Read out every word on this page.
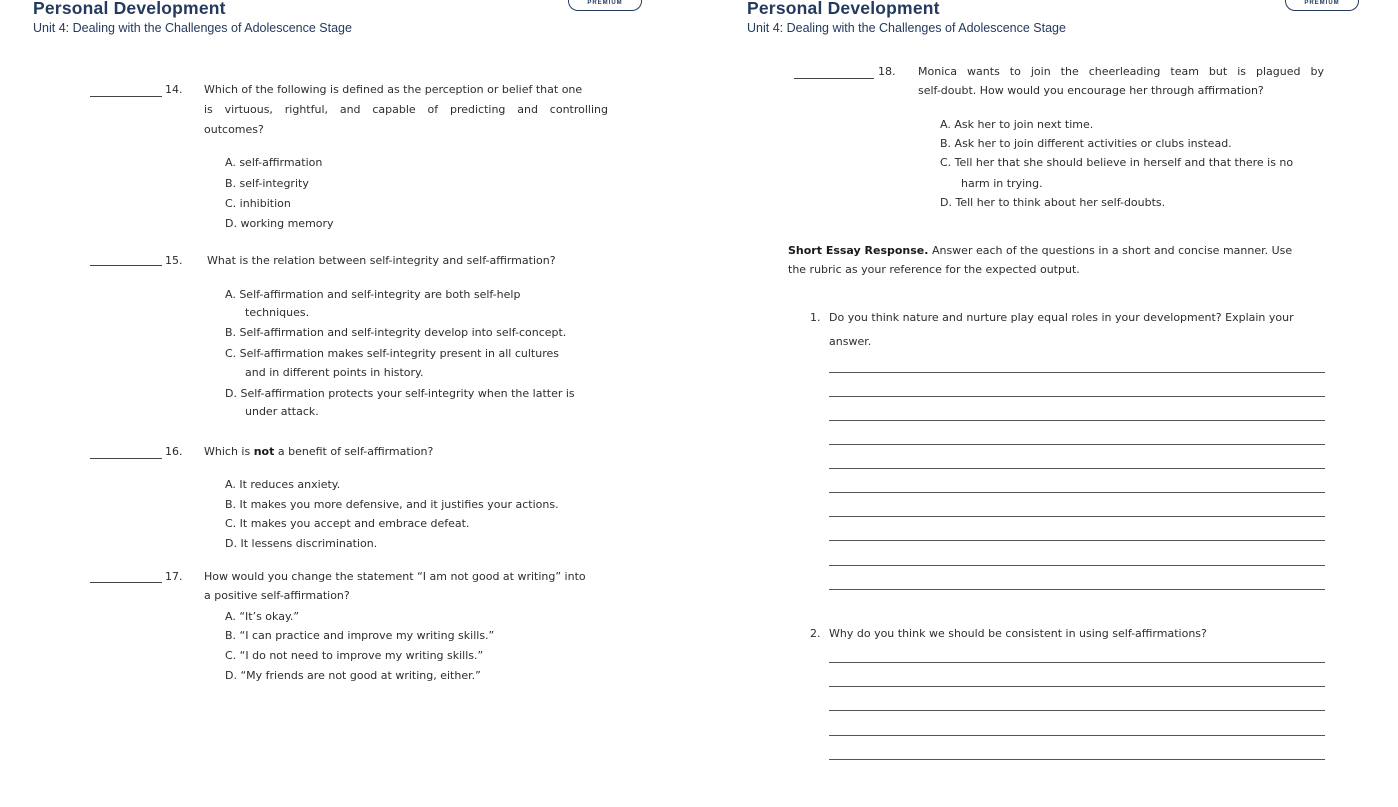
Personal Development	PREMIUM
Unit 4: Dealing with the Challenges of Adolescence Stage
14. Which of the following is defined as the perception or belief that one
is virtuous, rightful, and capable of predicting and controlling
outcomes?
A. self-affirmation
B. self-integrity
C. inhibition
D. working memory
15. What is the relation between self-integrity and self-affirmation?
A. Self-affirmation and self-integrity are both self-help
techniques.
B. Self-affirmation and self-integrity develop into self-concept.
C. Self-affirmation makes self-integrity present in all cultures
and in different points in history.
D. Self-affirmation protects your self-integrity when the latter is
under attack.
16. Which is not a benefit of self-affirmation?
A. It reduces anxiety.
B. It makes you more defensive, and it justifies your actions.
C. It makes you accept and embrace defeat.
D. It lessens discrimination.
17. How would you change the statement “I am not good at writing” into
a positive self-affirmation?
A. “It’s okay.”
B. “I can practice and improve my writing skills.”
C. “I do not need to improve my writing skills.”
D. “My friends are not good at writing, either.”
Personal Development	PREMIUM
Unit 4: Dealing with the Challenges of Adolescence Stage
18. Monica wants to join the cheerleading team but is plagued by
self-doubt. How would you encourage her through affirmation?
A. Ask her to join next time.
B. Ask her to join different activities or clubs instead.
C. Tell her that she should believe in herself and that there is no
harm in trying.
D. Tell her to think about her self-doubts.
Short Essay Response. Answer each of the questions in a short and concise manner. Use
the rubric as your reference for the expected output.
1. Do you think nature and nurture play equal roles in your development? Explain your
answer.
2. Why do you think we should be consistent in using self-affirmations?
